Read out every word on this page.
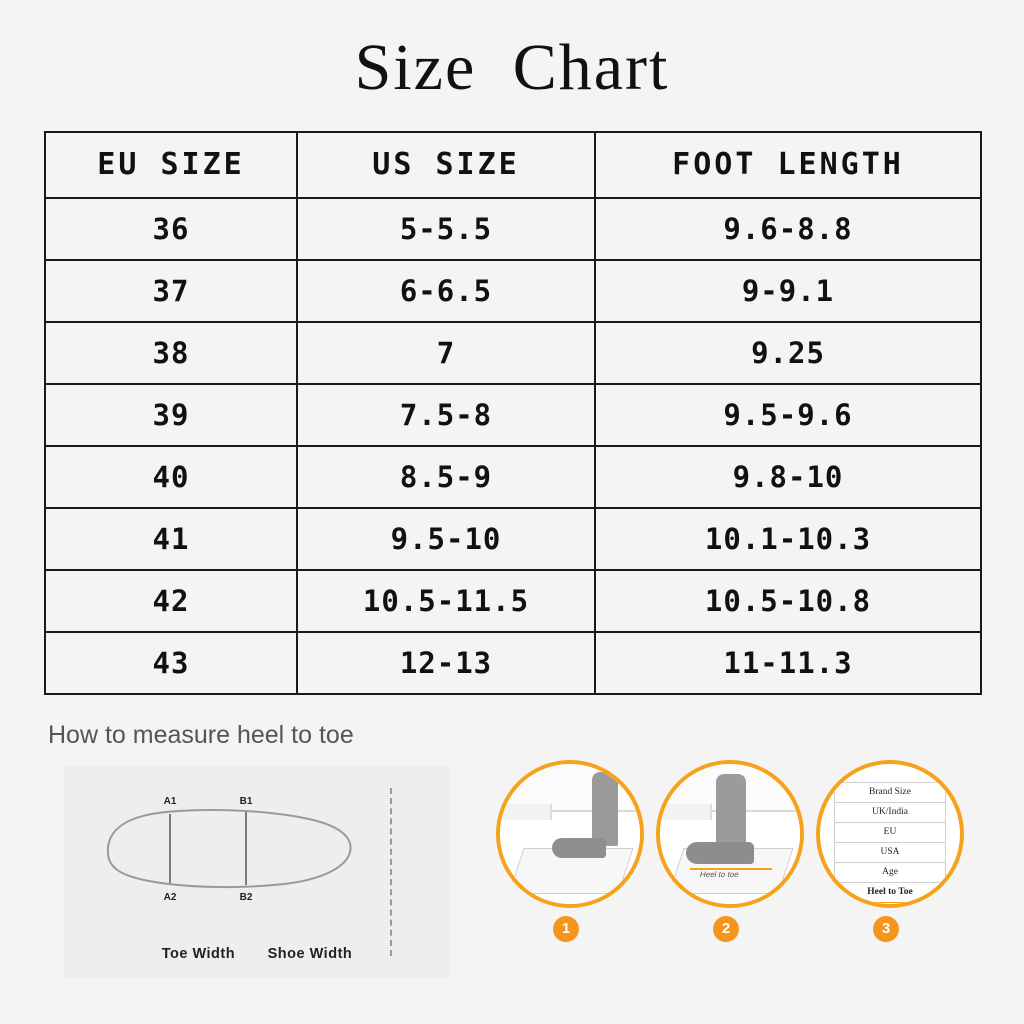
Size Chart
EU SIZE	US SIZE	FOOT LENGTH
36	5-5.5	9.6-8.8
37	6-6.5	9-9.1
38	7	9.25
39	7.5-8	9.5-9.6
40	8.5-9	9.8-10
41	9.5-10	10.1-10.3
42	10.5-11.5	10.5-10.8
43	12-13	11-11.3
How to measure heel to toe
A1
A2
B1
B2
Toe Width Shoe Width
1
Heel to toe
2
Brand Size
UK/India
EU
USA
Age
Heel to Toe
3
